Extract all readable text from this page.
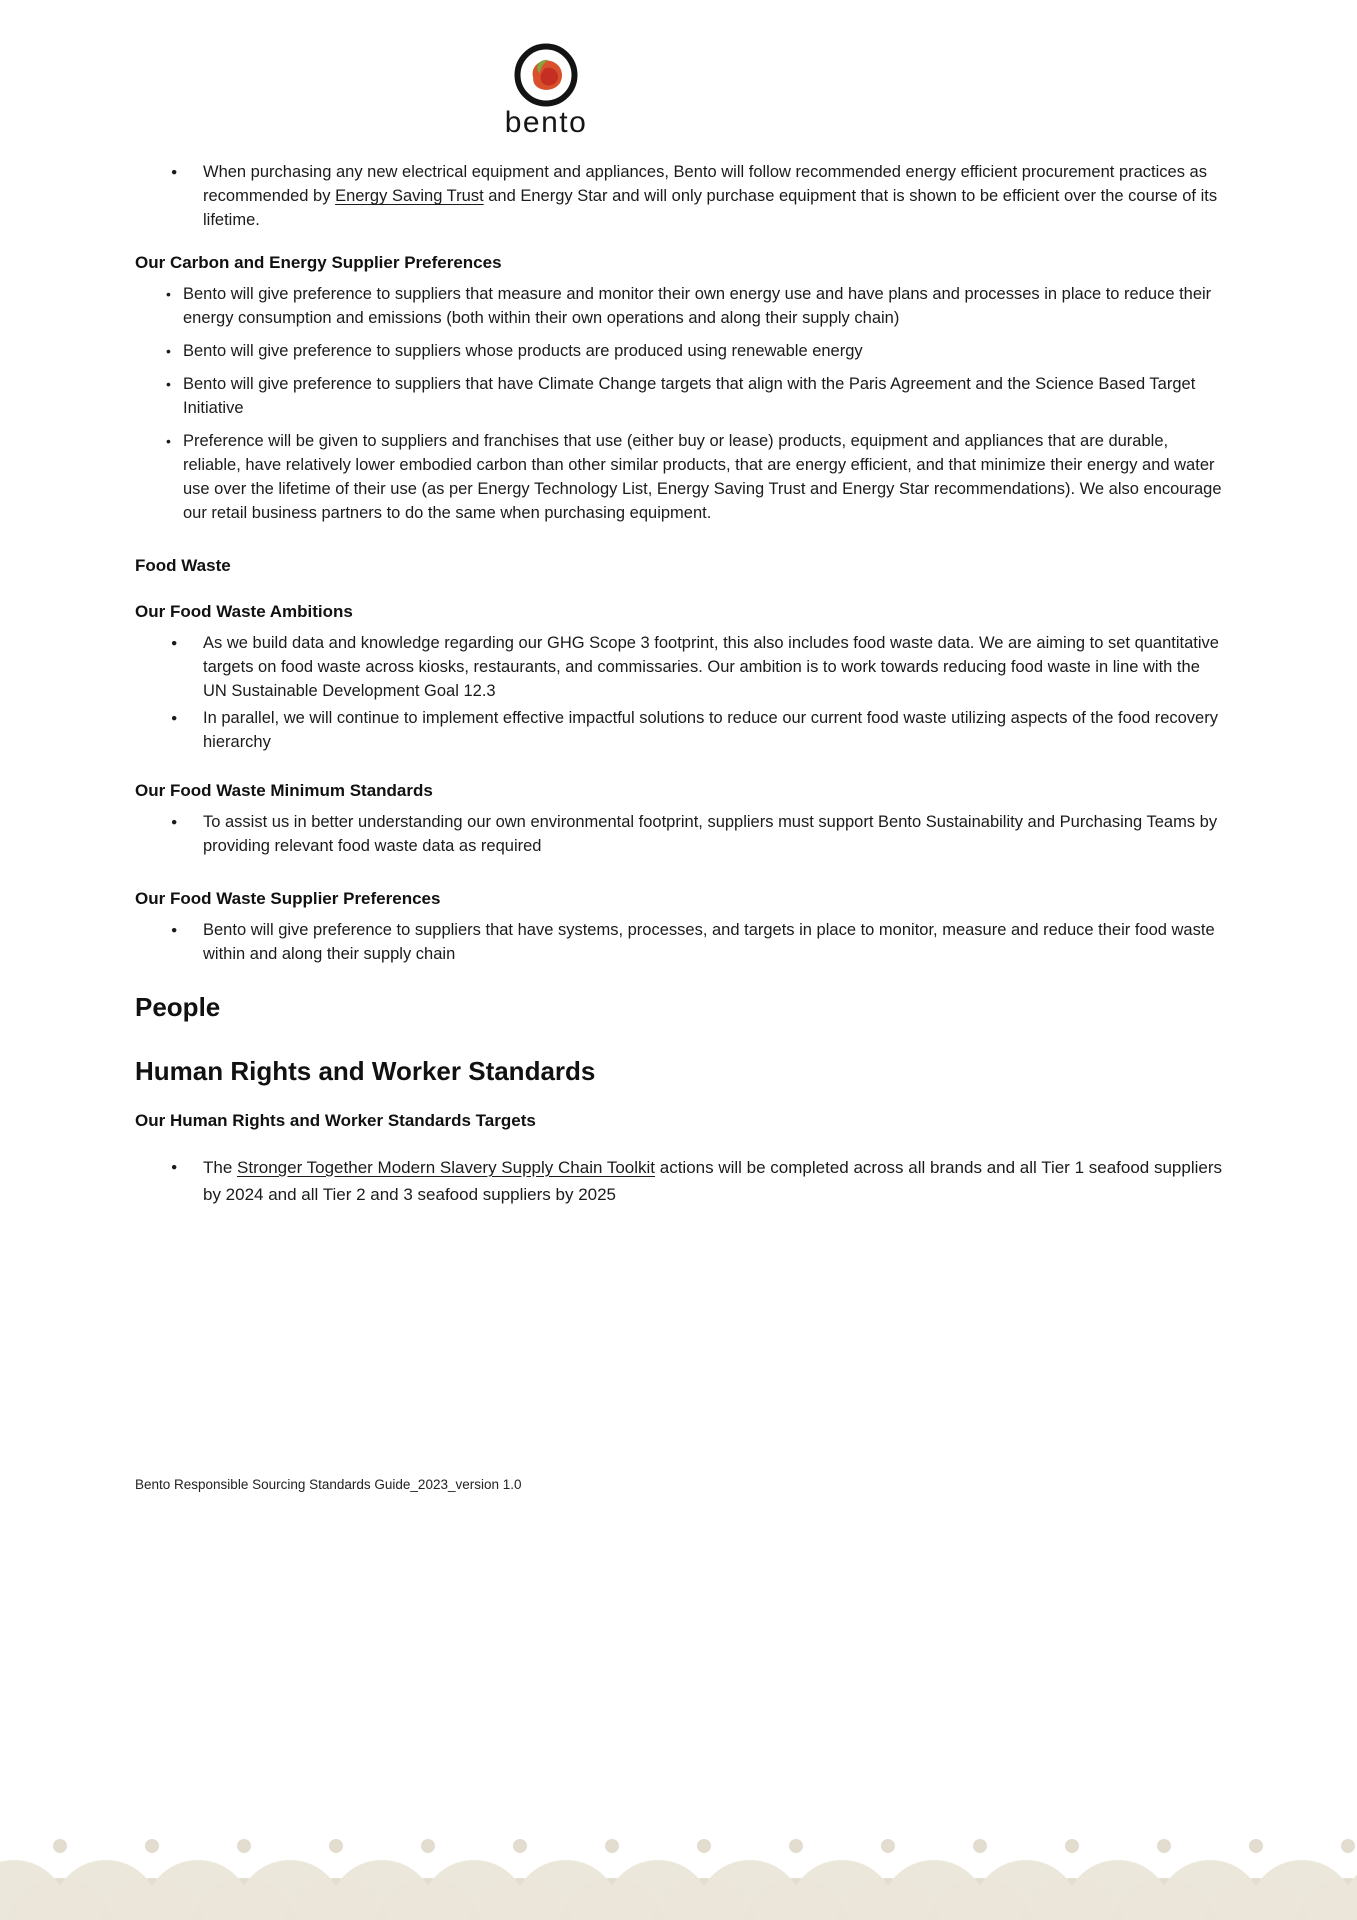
bento
● When purchasing any new electrical equipment and appliances, Bento will follow recommended energy efficient procurement practices as recommended by Energy Saving Trust and Energy Star and will only purchase equipment that is shown to be efficient over the course of its lifetime.
Our Carbon and Energy Supplier Preferences
• Bento will give preference to suppliers that measure and monitor their own energy use and have plans and processes in place to reduce their energy consumption and emissions (both within their own operations and along their supply chain)
• Bento will give preference to suppliers whose products are produced using renewable energy
• Bento will give preference to suppliers that have Climate Change targets that align with the Paris Agreement and the Science Based Target Initiative
• Preference will be given to suppliers and franchises that use (either buy or lease) products, equipment and appliances that are durable, reliable, have relatively lower embodied carbon than other similar products, that are energy efficient, and that minimize their energy and water use over the lifetime of their use (as per Energy Technology List, Energy Saving Trust and Energy Star recommendations). We also encourage our retail business partners to do the same when purchasing equipment.
Food Waste
Our Food Waste Ambitions
● As we build data and knowledge regarding our GHG Scope 3 footprint, this also includes food waste data. We are aiming to set quantitative targets on food waste across kiosks, restaurants, and commissaries. Our ambition is to work towards reducing food waste in line with the UN Sustainable Development Goal 12.3
● In parallel, we will continue to implement effective impactful solutions to reduce our current food waste utilizing aspects of the food recovery hierarchy
Our Food Waste Minimum Standards
● To assist us in better understanding our own environmental footprint, suppliers must support Bento Sustainability and Purchasing Teams by providing relevant food waste data as required
Our Food Waste Supplier Preferences
● Bento will give preference to suppliers that have systems, processes, and targets in place to monitor, measure and reduce their food waste within and along their supply chain
People
Human Rights and Worker Standards
Our Human Rights and Worker Standards Targets
● The Stronger Together Modern Slavery Supply Chain Toolkit actions will be completed across all brands and all Tier 1 seafood suppliers by 2024 and all Tier 2 and 3 seafood suppliers by 2025
Bento Responsible Sourcing Standards Guide_2023_version 1.0
